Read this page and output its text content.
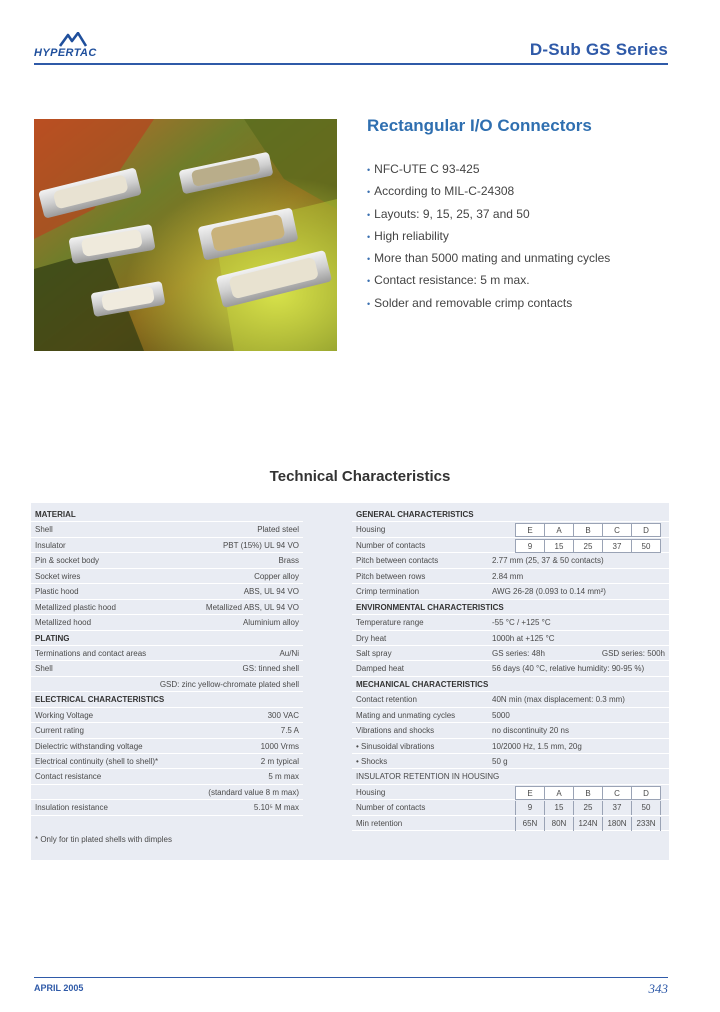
HYPERTAC	D-Sub GS Series
Rectangular I/O Connectors
• NFC-UTE C 93-425
• According to MIL-C-24308
• Layouts: 9, 15, 25, 37 and 50
• High reliability
• More than 5000 mating and unmating cycles
• Contact resistance: 5 m max.
• Solder and removable crimp contacts
Technical Characteristics
MATERIAL
Shell	Plated steel
Insulator	PBT (15%) UL 94 VO
Pin & socket body	Brass
Socket wires	Copper alloy
Plastic hood	ABS, UL 94 VO
Metallized plastic hood	Metallized ABS, UL 94 VO
Metallized hood	Aluminium alloy
PLATING
Terminations and contact areas	Au/Ni
Shell	GS: tinned shell
GSD: zinc yellow-chromate plated shell
ELECTRICAL CHARACTERISTICS
Working Voltage	300 VAC
Current rating	7.5 A
Dielectric withstanding voltage	1000 Vrms
Electrical continuity (shell to shell)*	2 m typical
Contact resistance	5 m max
(standard value 8 m max)
Insulation resistance	5.10⁵ M max
GENERAL CHARACTERISTICS
Housing	E	A	B	C	D
Number of contacts	9	15	25	37	50
Pitch between contacts	2.77 mm (25, 37 & 50 contacts)
Pitch between rows	2.84 mm
Crimp termination	AWG 26-28 (0.093 to 0.14 mm²)
ENVIRONMENTAL CHARACTERISTICS
Temperature range	-55 °C / +125 °C
Dry heat	1000h at +125 °C
Salt spray	GS series: 48h	GSD series: 500h
Damped heat	56 days (40 °C, relative humidity: 90-95 %)
MECHANICAL CHARACTERISTICS
Contact retention	40N min (max displacement: 0.3 mm)
Mating and unmating cycles	5000
Vibrations and shocks	no discontinuity 20 ns
• Sinusoidal vibrations	10/2000 Hz, 1.5 mm, 20g
• Shocks	50 g
INSULATOR RETENTION IN HOUSING
Housing	E	A	B	C	D
Number of contacts	9	15	25	37	50
Min retention	65N	80N	124N	180N	233N
* Only for tin plated shells with dimples
APRIL 2005	343
